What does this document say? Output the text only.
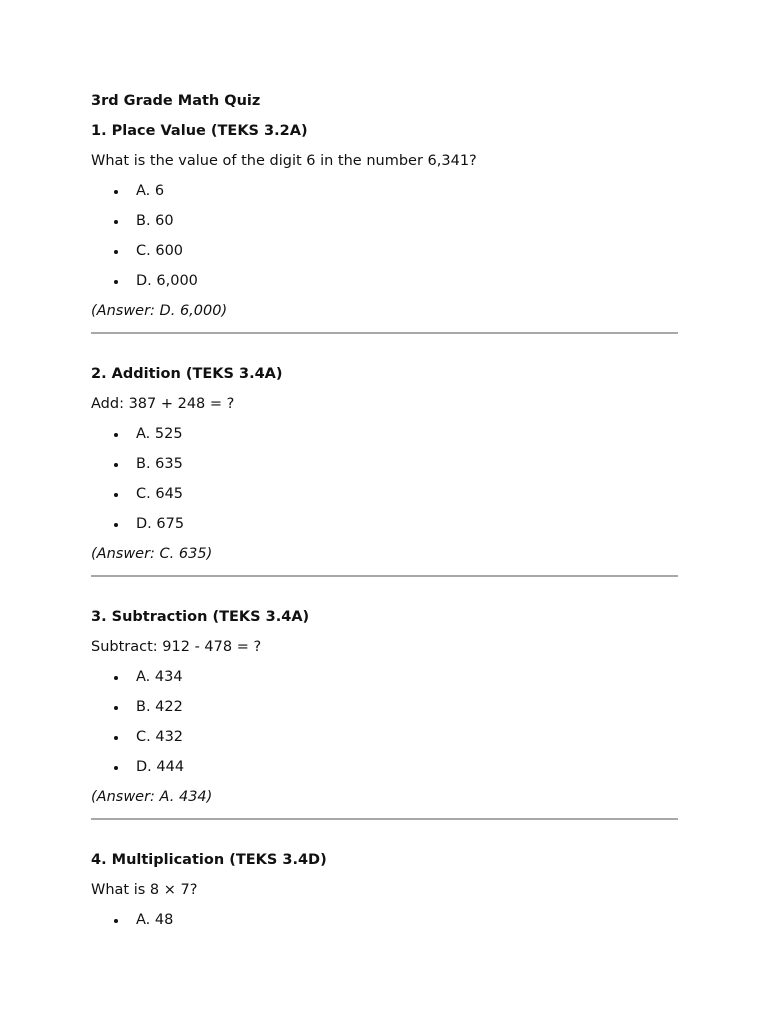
3rd Grade Math Quiz
1. Place Value (TEKS 3.2A)
What is the value of the digit 6 in the number 6,341?
A. 6
B. 60
C. 600
D. 6,000
(Answer: D. 6,000)
2. Addition (TEKS 3.4A)
Add: 387 + 248 = ?
A. 525
B. 635
C. 645
D. 675
(Answer: C. 635)
3. Subtraction (TEKS 3.4A)
Subtract: 912 - 478 = ?
A. 434
B. 422
C. 432
D. 444
(Answer: A. 434)
4. Multiplication (TEKS 3.4D)
What is 8 × 7?
A. 48
